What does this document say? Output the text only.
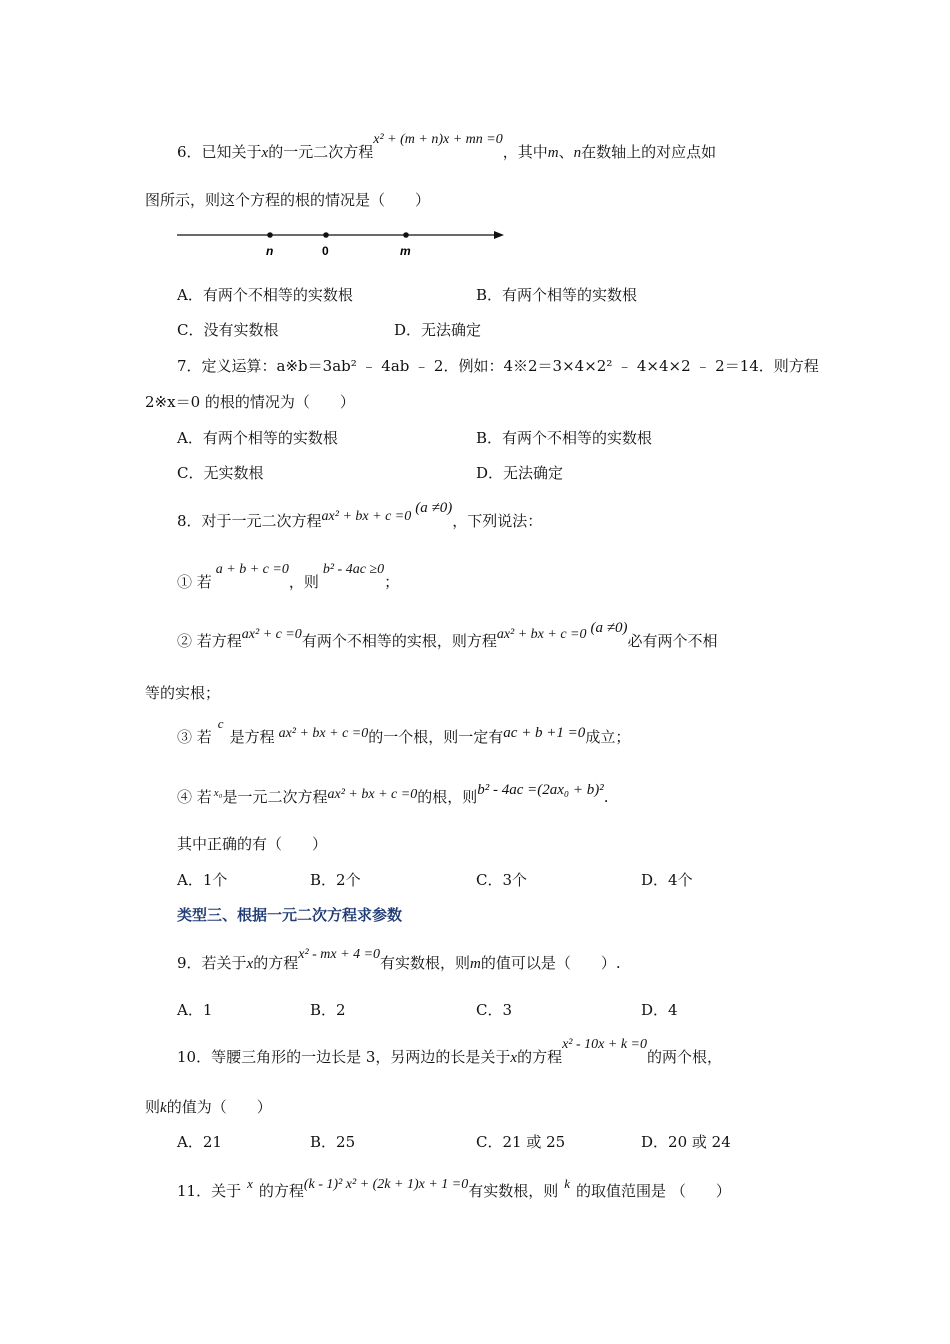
6．已知关于x的一元二次方程x² + (m + n)x + mn =0，其中m、n在数轴上的对应点如
图所示，则这个方程的根的情况是（　　）
n	0	m
A．有两个不相等的实数根	B．有两个相等的实数根
C．没有实数根	D．无法确定
7．定义运算：a※b＝3ab² ﹣ 4ab ﹣ 2．例如：4※2＝3×4×2² ﹣ 4×4×2 ﹣ 2＝14．则方程
2※x＝0 的根的情况为（　　）
A．有两个相等的实数根	B．有两个不相等的实数根
C．无实数根	D．无法确定
8．对于一元二次方程ax² + bx + c =0(a ≠0)，下列说法：
① 若a + b + c =0，则b² - 4ac ≥0；
② 若方程ax² + c =0有两个不相等的实根，则方程ax² + bx + c =0 (a ≠0)必有两个不相
等的实根；
③ 若c是方程 ax² + bx + c =0的一个根，则一定有ac + b +1 =0成立；
④ 若 $^{x_0}$是一元二次方程ax² + bx + c =0的根，则b² - 4ac =(2ax₀ + b)².
其中正确的有（　　）
A．1个	B．2个	C．3个	D．4个
类型三、根据一元二次方程求参数
9．若关于x的方程x² - mx + 4 =0有实数根，则m的值可以是（　　）.
A．1	B．2	C．3	D．4
10．等腰三角形的一边长是 3，另两边的长是关于x的方程x² - 10x + k =0的两个根，
则k的值为（　　）
A．21	B．25	C．21 或 25	D．20 或 24
11．关于 x 的方程(k - 1)² x² + (2k + 1)x + 1 =0有实数根，则 k 的取值范围是 （　　）
